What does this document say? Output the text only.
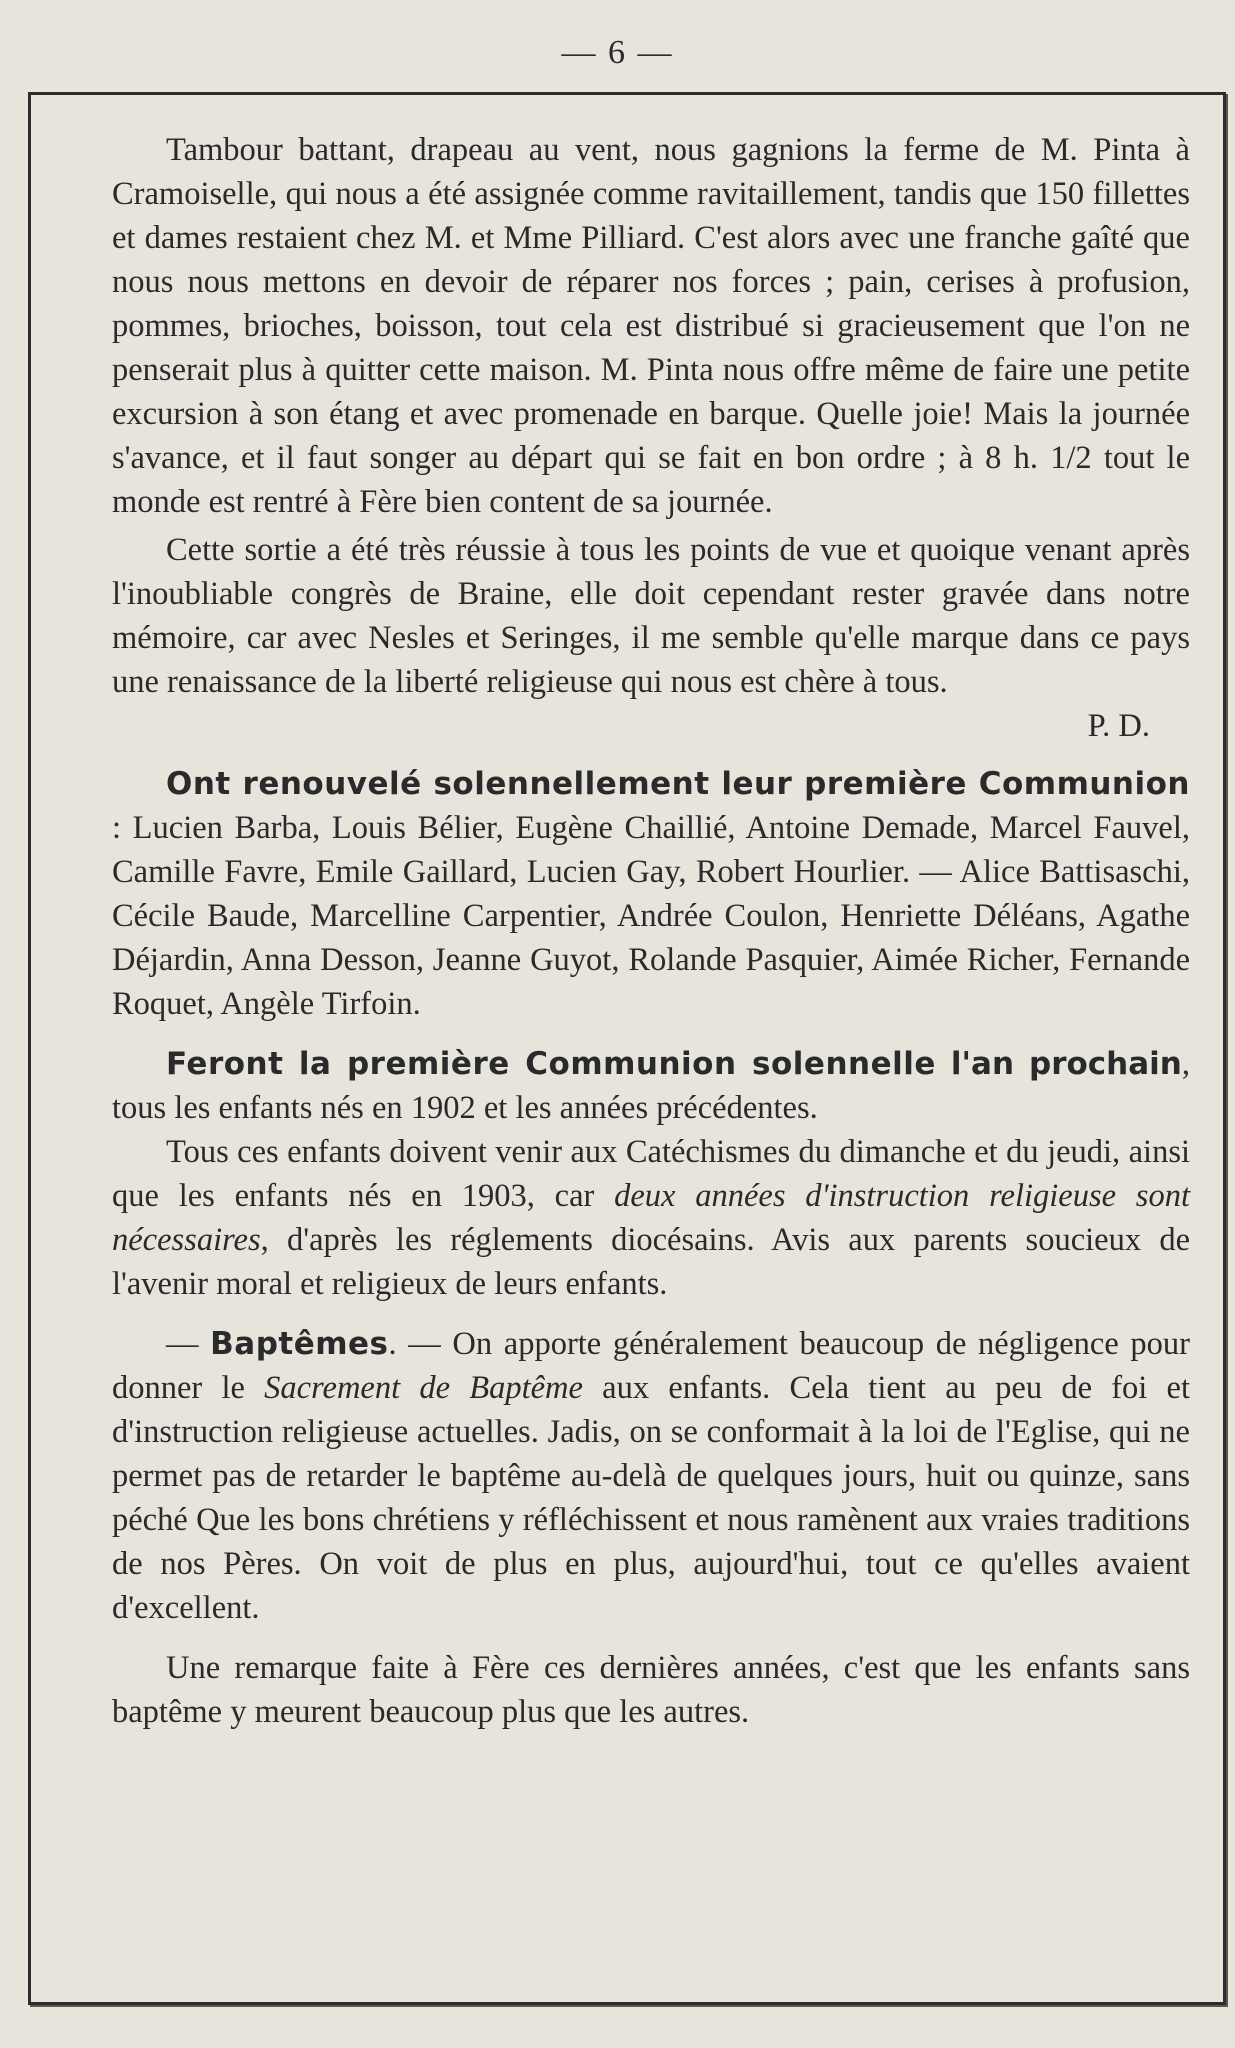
— 6 —

Tambour battant, drapeau au vent, nous gagnions la ferme de M. Pinta à Cramoiselle, qui nous a été assignée comme ravitaillement, tandis que 150 fillettes et dames restaient chez M. et Mme Pilliard. C'est alors avec une franche gaîté que nous nous mettons en devoir de réparer nos forces ; pain, cerises à profusion, pommes, brioches, boisson, tout cela est distribué si gracieusement que l'on ne penserait plus à quitter cette maison. M. Pinta nous offre même de faire une petite excursion à son étang et avec promenade en barque. Quelle joie! Mais la journée s'avance, et il faut songer au départ qui se fait en bon ordre ; à 8 h. 1/2 tout le monde est rentré à Fère bien content de sa journée.

Cette sortie a été très réussie à tous les points de vue et quoique venant après l'inoubliable congrès de Braine, elle doit cependant rester gravée dans notre mémoire, car avec Nesles et Seringes, il me semble qu'elle marque dans ce pays une renaissance de la liberté religieuse qui nous est chère à tous.

P. D.

Ont renouvelé solennellement leur première Communion : Lucien Barba, Louis Bélier, Eugène Chaillié, Antoine Demade, Marcel Fauvel, Camille Favre, Emile Gaillard, Lucien Gay, Robert Hourlier. — Alice Battisaschi, Cécile Baude, Marcelline Carpentier, Andrée Coulon, Henriette Déléans, Agathe Déjardin, Anna Desson, Jeanne Guyot, Rolande Pasquier, Aimée Richer, Fernande Roquet, Angèle Tirfoin.

Feront la première Communion solennelle l'an prochain, tous les enfants nés en 1902 et les années précédentes.

Tous ces enfants doivent venir aux Catéchismes du dimanche et du jeudi, ainsi que les enfants nés en 1903, car deux années d'instruction religieuse sont nécessaires, d'après les réglements diocésains. Avis aux parents soucieux de l'avenir moral et religieux de leurs enfants.

— Baptêmes. — On apporte généralement beaucoup de négligence pour donner le Sacrement de Baptême aux enfants. Cela tient au peu de foi et d'instruction religieuse actuelles. Jadis, on se conformait à la loi de l'Eglise, qui ne permet pas de retarder le baptême au-delà de quelques jours, huit ou quinze, sans péché Que les bons chrétiens y réfléchissent et nous ramènent aux vraies traditions de nos Pères. On voit de plus en plus, aujourd'hui, tout ce qu'elles avaient d'excellent.

Une remarque faite à Fère ces dernières années, c'est que les enfants sans baptême y meurent beaucoup plus que les autres.
